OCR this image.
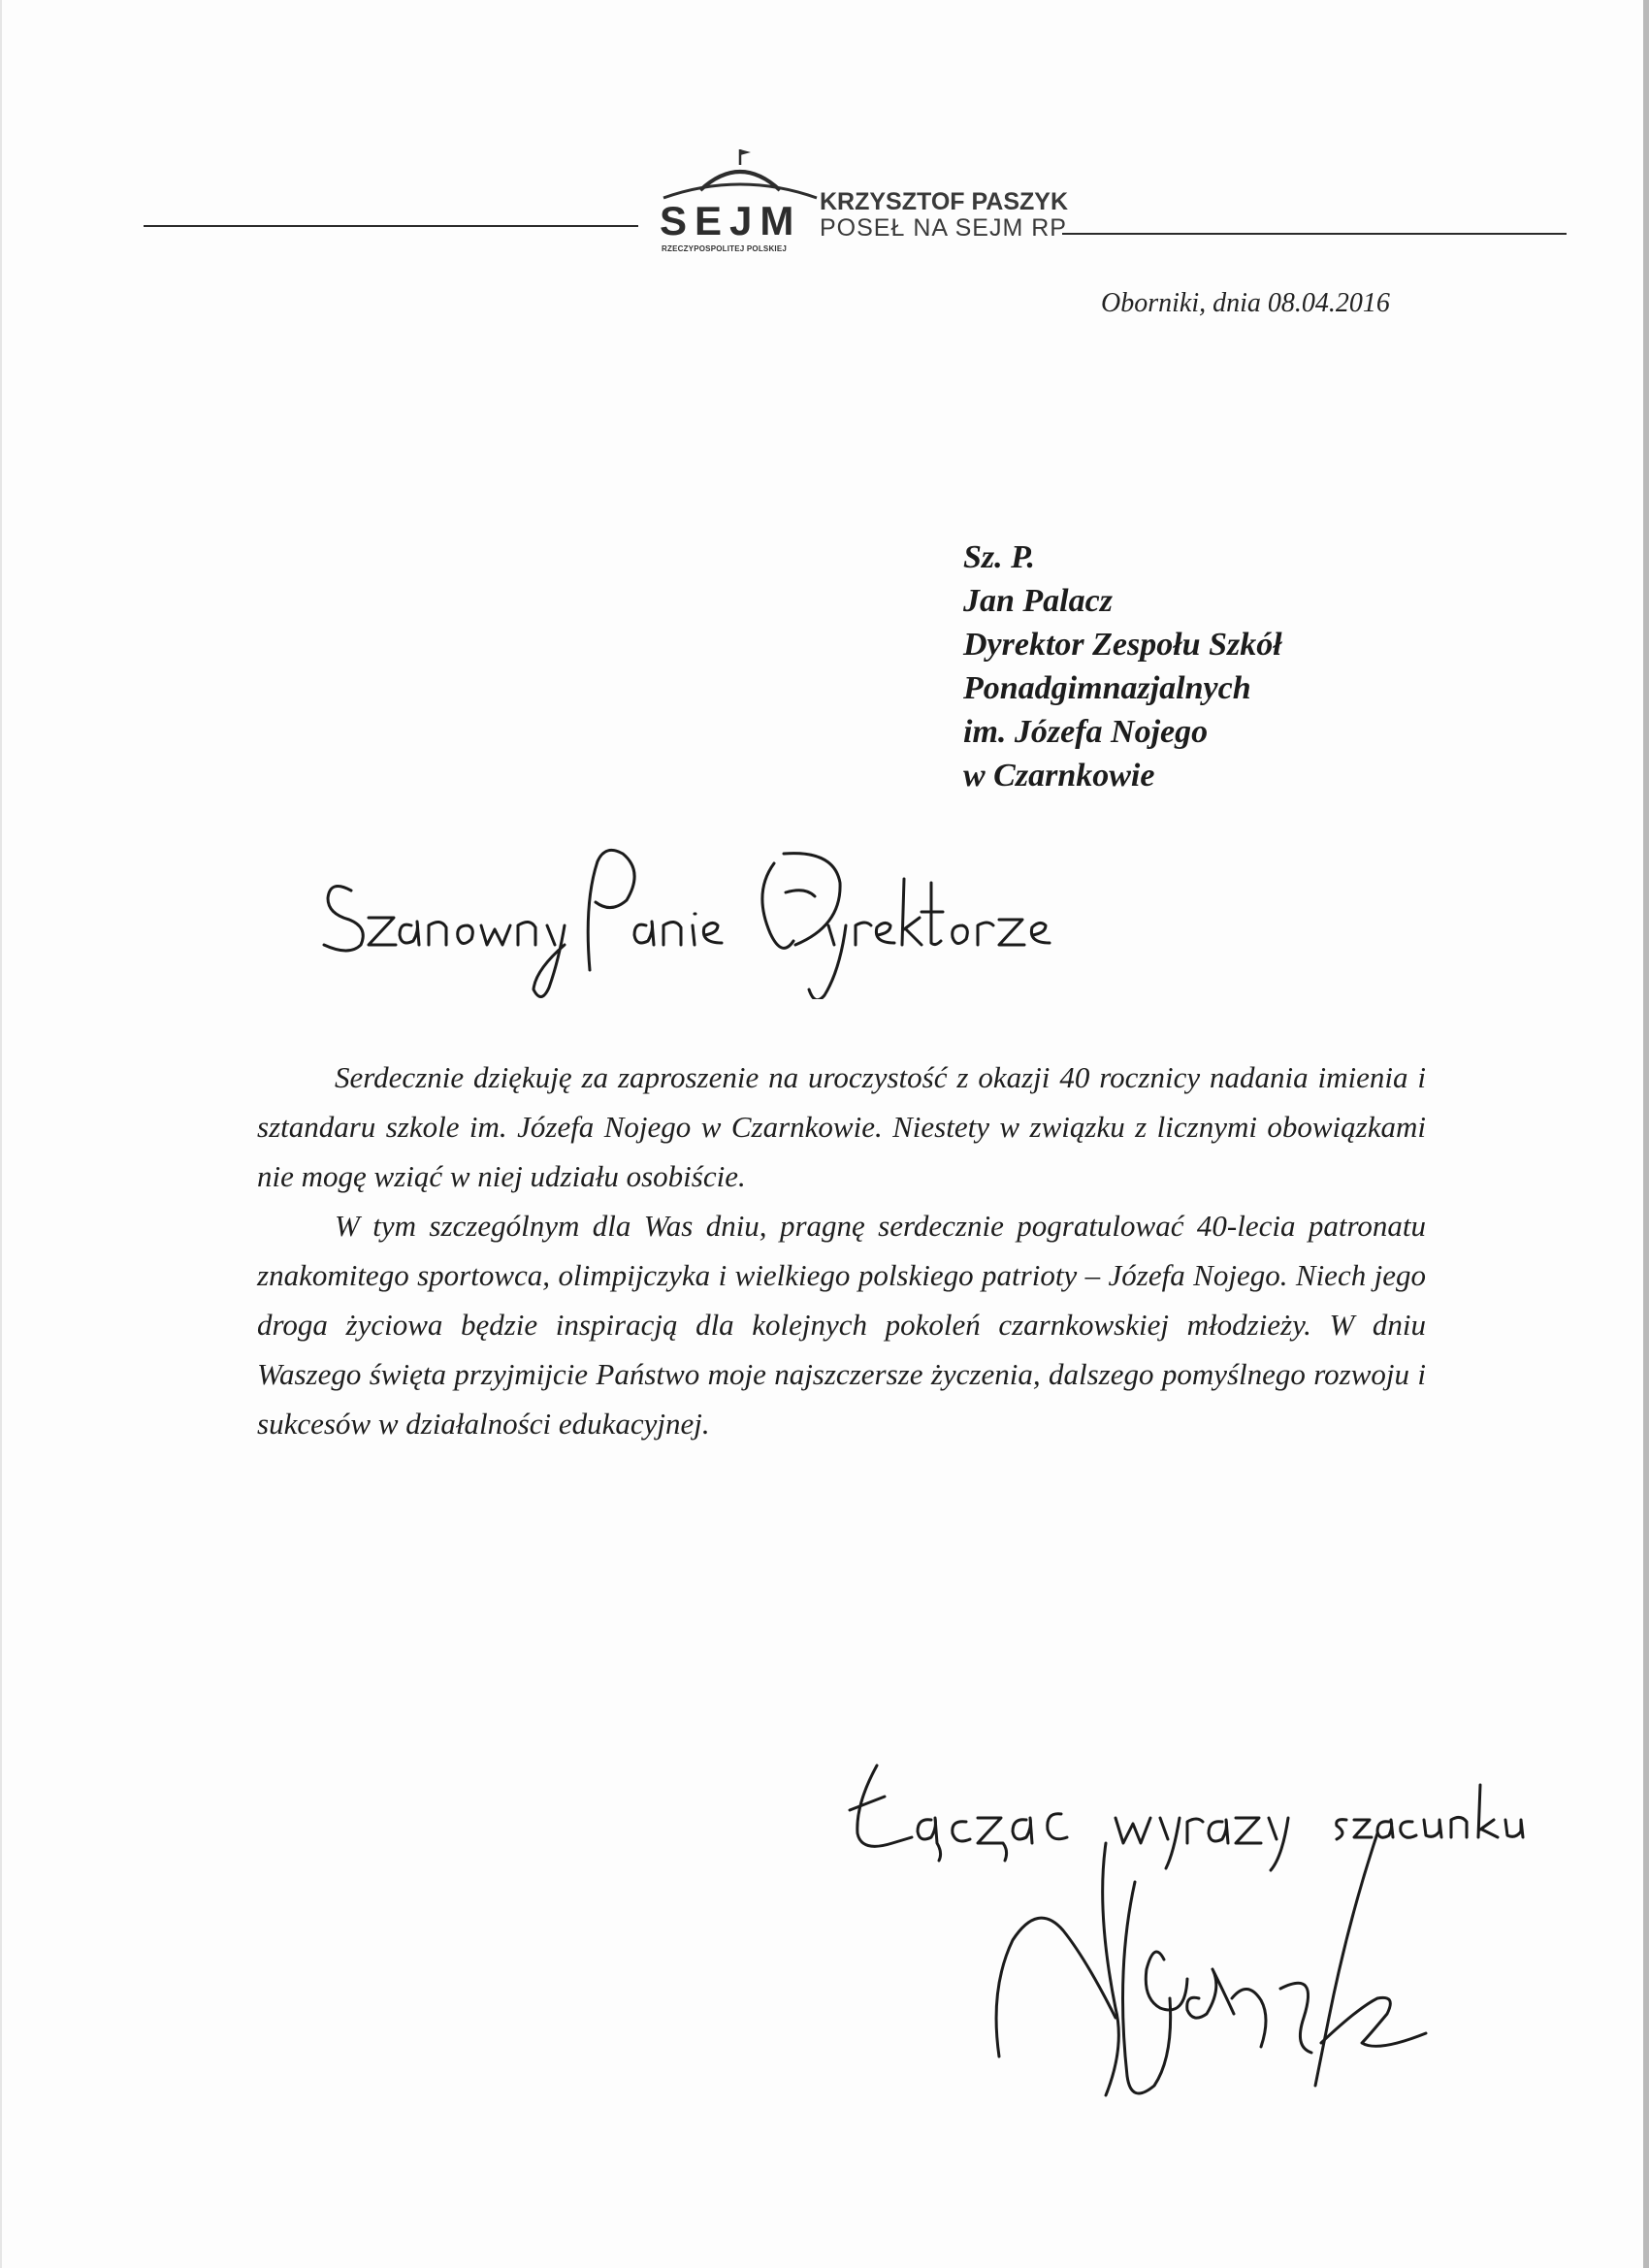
SEJM
RZECZYPOSPOLITEJ POLSKIEJ
KRZYSZTOF PASZYK
POSEŁ NA SEJM RP
Oborniki, dnia 08.04.2016
Sz. P.
Jan Palacz
Dyrektor Zespołu Szkół
Ponadgimnazjalnych
im. Józefa Nojego
w Czarnkowie

Serdecznie dziękuję za zaproszenie na uroczystość z okazji 40 rocznicy nadania imienia i sztandaru szkole im. Józefa Nojego w Czarnkowie. Niestety w związku z licznymi obowiązkami nie mogę wziąć w niej udziału osobiście.

W tym szczególnym dla Was dniu, pragnę serdecznie pogratulować 40-lecia patronatu znakomitego sportowca, olimpijczyka i wielkiego polskiego patrioty – Józefa Nojego. Niech jego droga życiowa będzie inspiracją dla kolejnych pokoleń czarnkowskiej młodzieży. W dniu Waszego święta przyjmijcie Państwo moje najszczersze życzenia, dalszego pomyślnego rozwoju i sukcesów w działalności edukacyjnej.
